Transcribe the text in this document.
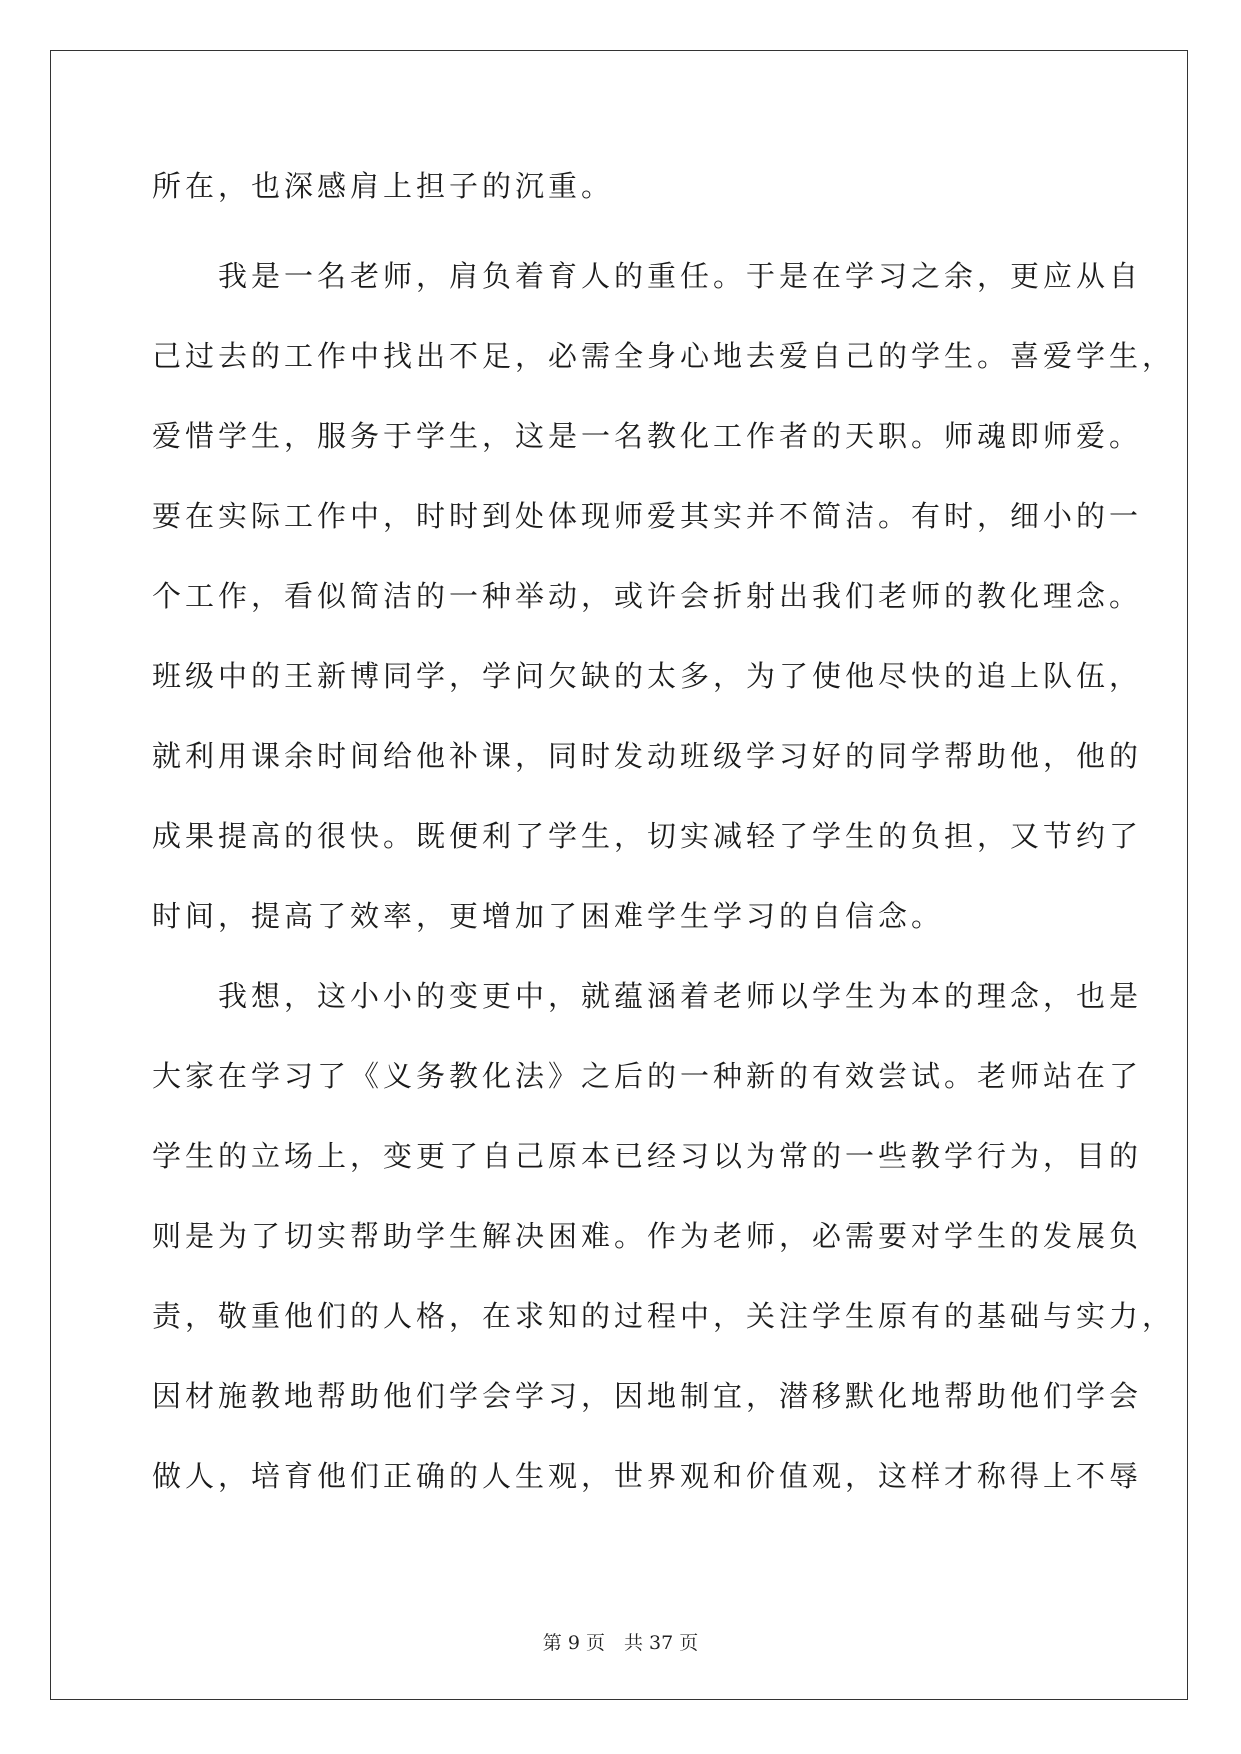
所在，也深感肩上担子的沉重。
　　我是一名老师，肩负着育人的重任。于是在学习之余，更应从自
己过去的工作中找出不足，必需全身心地去爱自己的学生。喜爱学生，
爱惜学生，服务于学生，这是一名教化工作者的天职。师魂即师爱。
要在实际工作中，时时到处体现师爱其实并不简洁。有时，细小的一
个工作，看似简洁的一种举动，或许会折射出我们老师的教化理念。
班级中的王新博同学，学问欠缺的太多，为了使他尽快的追上队伍，
就利用课余时间给他补课，同时发动班级学习好的同学帮助他，他的
成果提高的很快。既便利了学生，切实减轻了学生的负担，又节约了
时间，提高了效率，更增加了困难学生学习的自信念。
　　我想，这小小的变更中，就蕴涵着老师以学生为本的理念，也是
大家在学习了《义务教化法》之后的一种新的有效尝试。老师站在了
学生的立场上，变更了自己原本已经习以为常的一些教学行为，目的
则是为了切实帮助学生解决困难。作为老师，必需要对学生的发展负
责，敬重他们的人格，在求知的过程中，关注学生原有的基础与实力，
因材施教地帮助他们学会学习，因地制宜，潜移默化地帮助他们学会
做人，培育他们正确的人生观，世界观和价值观，这样才称得上不辱
第 9 页　共 37 页
